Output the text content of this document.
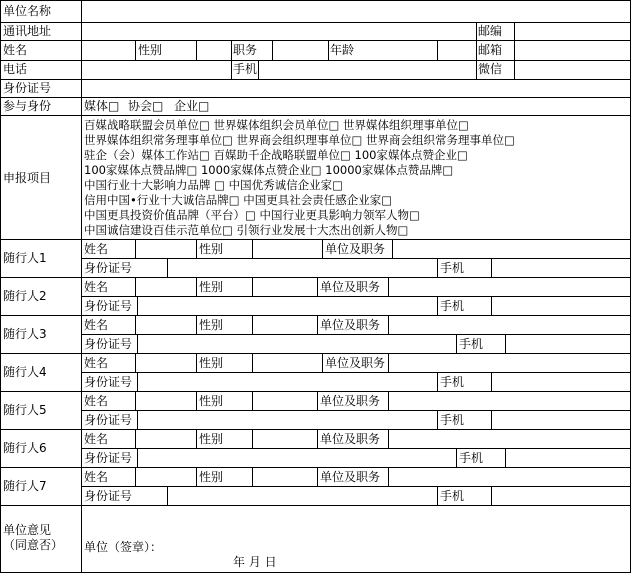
单位名称
通讯地址	邮编
姓名	性别	职务	年龄	邮箱
电话	手机	微信
身份证号
参与身份	媒体□ 协会□ 企业□
申报项目
百媒战略联盟会员单位□ 世界媒体组织会员单位□ 世界媒体组织理事单位□
世界媒体组织常务理事单位□ 世界商会组织理事单位□ 世界商会组织常务理事单位□
驻企（会）媒体工作站□ 百媒助千企战略联盟单位□ 100家媒体点赞企业□
100家媒体点赞品牌□ 1000家媒体点赞企业□ 10000家媒体点赞品牌□
中国行业十大影响力品牌 □ 中国优秀诚信企业家□
信用中国•行业十大诚信品牌□ 中国更具社会责任感企业家□
中国更具投资价值品牌（平台）□ 中国行业更具影响力领军人物□
中国诚信建设百佳示范单位□ 引领行业发展十大杰出创新人物□
随行人1
姓名	性别	单位及职务
身份证号	手机
随行人2
姓名	性别	单位及职务
身份证号	手机
随行人3
姓名	性别	单位及职务
身份证号	手机
随行人4
姓名	性别	单位及职务
身份证号	手机
随行人5
姓名	性别	单位及职务
身份证号	手机
随行人6
姓名	性别	单位及职务
身份证号	手机
随行人7
姓名	性别	单位及职务
身份证号	手机
单位意见
（同意否） 单位（签章）：
年 月 日
